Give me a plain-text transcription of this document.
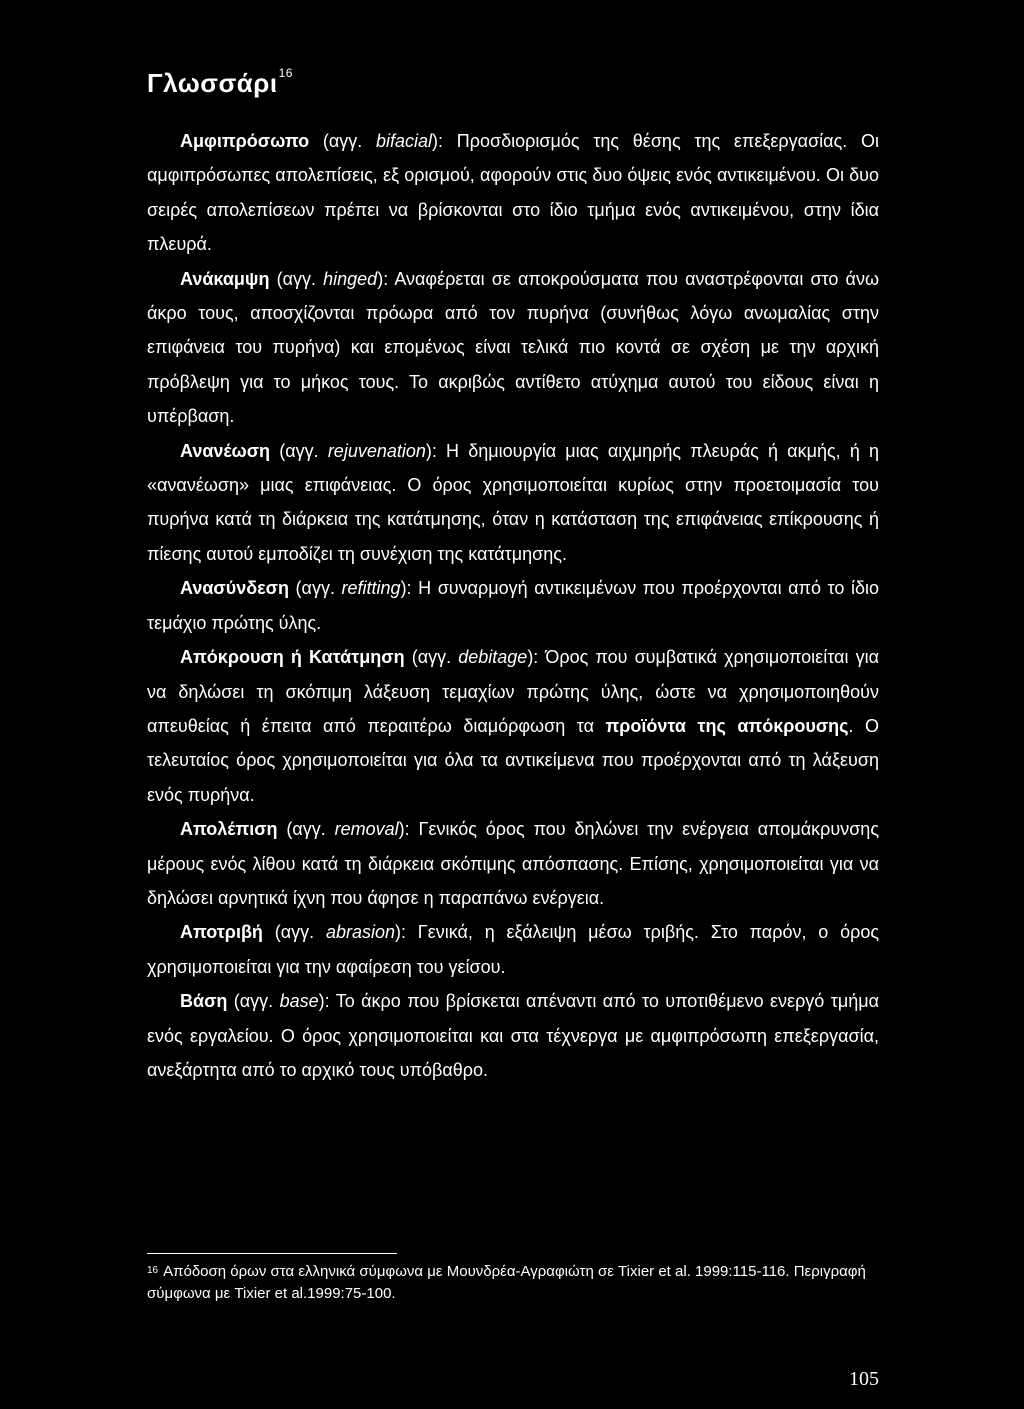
Γλωσσάρι$^{16}$

Αμφιπρόσωπο (αγγ. bifacial): Προσδιορισμός της θέσης της επεξεργασίας. Οι αμφιπρόσωπες απολεπίσεις, εξ ορισμού, αφορούν στις δυο όψεις ενός αντικειμένου. Οι δυο σειρές απολεπίσεων πρέπει να βρίσκονται στο ίδιο τμήμα ενός αντικειμένου, στην ίδια πλευρά.

Ανάκαμψη (αγγ. hinged): Αναφέρεται σε αποκρούσματα που αναστρέφονται στο άνω άκρο τους, αποσχίζονται πρόωρα από τον πυρήνα (συνήθως λόγω ανωμαλίας στην επιφάνεια του πυρήνα) και επομένως είναι τελικά πιο κοντά σε σχέση με την αρχική πρόβλεψη για το μήκος τους. Το ακριβώς αντίθετο ατύχημα αυτού του είδους είναι η υπέρβαση.

Ανανέωση (αγγ. rejuvenation): Η δημιουργία μιας αιχμηρής πλευράς ή ακμής, ή η «ανανέωση» μιας επιφάνειας. Ο όρος χρησιμοποιείται κυρίως στην προετοιμασία του πυρήνα κατά τη διάρκεια της κατάτμησης, όταν η κατάσταση της επιφάνειας επίκρουσης ή πίεσης αυτού εμποδίζει τη συνέχιση της κατάτμησης.

Ανασύνδεση (αγγ. refitting): Η συναρμογή αντικειμένων που προέρχονται από το ίδιο τεμάχιο πρώτης ύλης.

Απόκρουση ή Κατάτμηση (αγγ. debitage): Όρος που συμβατικά χρησιμοποιείται για να δηλώσει τη σκόπιμη λάξευση τεμαχίων πρώτης ύλης, ώστε να χρησιμοποιηθούν απευθείας ή έπειτα από περαιτέρω διαμόρφωση τα προϊόντα της απόκρουσης. Ο τελευταίος όρος χρησιμοποιείται για όλα τα αντικείμενα που προέρχονται από τη λάξευση ενός πυρήνα.

Απολέπιση (αγγ. removal): Γενικός όρος που δηλώνει την ενέργεια απομάκρυνσης μέρους ενός λίθου κατά τη διάρκεια σκόπιμης απόσπασης. Επίσης, χρησιμοποιείται για να δηλώσει αρνητικά ίχνη που άφησε η παραπάνω ενέργεια.

Αποτριβή (αγγ. abrasion): Γενικά, η εξάλειψη μέσω τριβής. Στο παρόν, ο όρος χρησιμοποιείται για την αφαίρεση του γείσου.

Βάση (αγγ. base): Το άκρο που βρίσκεται απέναντι από το υποτιθέμενο ενεργό τμήμα ενός εργαλείου. Ο όρος χρησιμοποιείται και στα τέχνεργα με αμφιπρόσωπη επεξεργασία, ανεξάρτητα από το αρχικό τους υπόβαθρο.

$^{16}$ Απόδοση όρων στα ελληνικά σύμφωνα με Μουνδρέα-Αγραφιώτη σε Tixier et al. 1999:115-116. Περιγραφή σύμφωνα με Tixier et al.1999:75-100.

105
